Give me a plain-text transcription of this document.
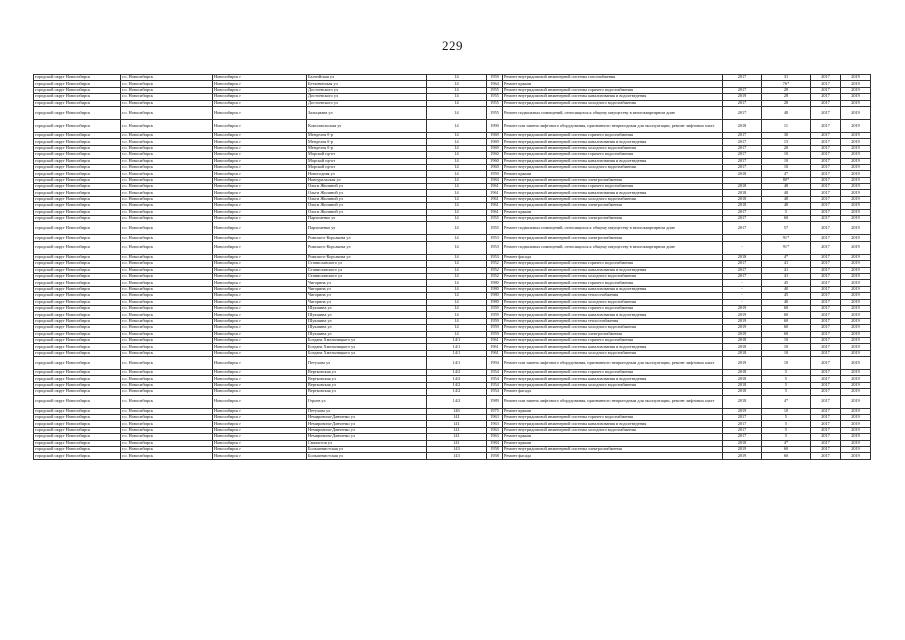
229
городской округ Новосибирск	г.о. Новосибирск	Новосибирск г	Балтийская ул	14	1959	Ремонт внутридомовой инженерной системы газоснабжения	2017	31	2017	2019
городской округ Новосибирск	г.о. Новосибирск	Новосибирск г	Бетховенская ул	14	1964	Ремонт крыши		76*	2017	2019
городской округ Новосибирск	г.о. Новосибирск	Новосибирск г	Достоевского ул	14	1955	Ремонт внутридомовой инженерной системы горячего водоснабжения	2017	28	2017	2019
городской округ Новосибирск	г.о. Новосибирск	Новосибирск г	Достоевского ул	14	1955	Ремонт внутридомовой инженерной системы канализования и водоотведения	2019	28	2017	2019
городской округ Новосибирск	г.о. Новосибирск	Новосибирск г	Достоевского ул	14	1955	Ремонт внутридомовой инженерной системы холодного водоснабжения	2017	28	2017	2019
городской округ Новосибирск	г.о. Новосибирск	Новосибирск г	Зальцмана ул	14	1955	Ремонт подвальных помещений, относящихся к общему имуществу в многоквартирном доме	2017	48	2017	2019
городской округ Новосибирск	г.о. Новосибирск	Новосибирск г	Комсомольская ул	14	1990	Ремонт или замена лифтового оборудования, признанного непригодным для эксплуатации, ремонт лифтовых шахт	2018	11	2017	2019
городской округ Новосибирск	г.о. Новосибирск	Новосибирск г	Менделея б-р	14	1969	Ремонт внутридомовой инженерной системы горячего водоснабжения	2017	30	2017	2019
городской округ Новосибирск	г.о. Новосибирск	Новосибирск г	Менделея б-р	14	1969	Ремонт внутридомовой инженерной системы канализования и водоотведения	2017	15	2017	2019
городской округ Новосибирск	г.о. Новосибирск	Новосибирск г	Менделея б-р	14	1969	Ремонт внутридомовой инженерной системы холодного водоснабжения	2017	20	2017	2019
городской округ Новосибирск	г.о. Новосибирск	Новосибирск г	Морской пр-кт	14	1960	Ремонт внутридомовой инженерной системы горячего водоснабжения	2017	10	2017	2019
городской округ Новосибирск	г.о. Новосибирск	Новосибирск г	Морской пр-кт	14	1960	Ремонт внутридомовой инженерной системы канализования и водоотведения	2017	10	2017	2019
городской округ Новосибирск	г.о. Новосибирск	Новосибирск г	Морской пр-кт	14	1960	Ремонт внутридомовой инженерной системы холодного водоснабжения	2017	10	2017	2019
городской округ Новосибирск	г.о. Новосибирск	Новосибирск г	Новогодняя ул	14	1959	Ремонт крыши	2018	4*	2017	2019
городской округ Новосибирск	г.о. Новосибирск	Новосибирск г	Новоуральская ул	14	1984	Ремонт внутридомовой инженерной системы электроснабжения		80*	2017	2019
городской округ Новосибирск	г.о. Новосибирск	Новосибирск г	Ольги Жилиной ул	14	1961	Ремонт внутридомовой инженерной системы горячего водоснабжения	2018	48	2017	2019
городской округ Новосибирск	г.о. Новосибирск	Новосибирск г	Ольги Жилиной ул	14	1961	Ремонт внутридомовой инженерной системы канализования и водоотведения	2018	48	2017	2019
городской округ Новосибирск	г.о. Новосибирск	Новосибирск г	Ольги Жилиной ул	14	1961	Ремонт внутридомовой инженерной системы холодного водоснабжения	2018	48	2017	2019
городской округ Новосибирск	г.о. Новосибирск	Новосибирск г	Ольги Жилиной ул	14	1961	Ремонт внутридомовой инженерной системы электроснабжения	2018	48	2017	2019
городской округ Новосибирск	г.о. Новосибирск	Новосибирск г	Ольги Жилиной ул	14	1961	Ремонт крыши	2017	5	2017	2019
городской округ Новосибирск	г.о. Новосибирск	Новосибирск г	Пархоменко ул	14	1955	Ремонт внутридомовой инженерной системы электроснабжения	2017	60	2017	2019
городской округ Новосибирск	г.о. Новосибирск	Новосибирск г	Пархоменко ул	14	1955	Ремонт подвальных помещений, относящихся к общему имуществу в многоквартирном доме	2017	57	2017	2019
городской округ Новосибирск	г.о. Новосибирск	Новосибирск г	Римского-Корсакова ул	14	1953	Ремонт внутридомовой инженерной системы электроснабжения		91*	2017	2019
городской округ Новосибирск	г.о. Новосибирск	Новосибирск г	Римского-Корсакова ул	14	1953	Ремонт подвальных помещений, относящихся к общему имуществу в многоквартирном доме	-	91*	2017	2019
городской округ Новосибирск	г.о. Новосибирск	Новосибирск г	Римского-Корсакова ул	14	1953	Ремонт фасада	2018	4*	2017	2019
городской округ Новосибирск	г.о. Новосибирск	Новосибирск г	Станиславского ул	14	1952	Ремонт внутридомовой инженерной системы горячего водоснабжения	2017	41	2017	2019
городской округ Новосибирск	г.о. Новосибирск	Новосибирск г	Станиславского ул	14	1952	Ремонт внутридомовой инженерной системы канализования и водоотведения	2017	41	2017	2019
городской округ Новосибирск	г.о. Новосибирск	Новосибирск г	Станиславского ул	14	1952	Ремонт внутридомовой инженерной системы холодного водоснабжения	2017	41	2017	2019
городской округ Новосибирск	г.о. Новосибирск	Новосибирск г	Чигорина ул	14	1980	Ремонт внутридомовой инженерной системы горячего водоснабжения	-	45	2017	2019
городской округ Новосибирск	г.о. Новосибирск	Новосибирск г	Чигорина ул	14	1980	Ремонт внутридомовой инженерной системы канализования и водоотведения	-	40	2017	2019
городской округ Новосибирск	г.о. Новосибирск	Новосибирск г	Чигорина ул	14	1980	Ремонт внутридомовой инженерной системы теплоснабжения	-	45	2017	2019
городской округ Новосибирск	г.о. Новосибирск	Новосибирск г	Чигорина ул	14	1980	Ремонт внутридомовой инженерной системы холодного водоснабжения	-	40	2017	2019
городской округ Новосибирск	г.о. Новосибирск	Новосибирск г	Шукшина ул	14	1959	Ремонт внутридомовой инженерной системы горячего водоснабжения	2019	60	2017	2019
городской округ Новосибирск	г.о. Новосибирск	Новосибирск г	Шукшина ул	14	1959	Ремонт внутридомовой инженерной системы канализования и водоотведения	2019	60	2017	2019
городской округ Новосибирск	г.о. Новосибирск	Новосибирск г	Шукшина ул	14	1959	Ремонт внутридомовой инженерной системы теплоснабжения	2019	60	2017	2019
городской округ Новосибирск	г.о. Новосибирск	Новосибирск г	Шукшина ул	14	1959	Ремонт внутридомовой инженерной системы холодного водоснабжения	2019	60	2017	2019
городской округ Новосибирск	г.о. Новосибирск	Новосибирск г	Шукшина ул	14	1959	Ремонт внутридомовой инженерной системы электроснабжения	2019	60	2017	2019
городской округ Новосибирск	г.о. Новосибирск	Новосибирск г	Богдана Хмельницкого ул	14/1	1961	Ремонт внутридомовой инженерной системы горячего водоснабжения	2018	10	2017	2019
городской округ Новосибирск	г.о. Новосибирск	Новосибирск г	Богдана Хмельницкого ул	14/1	1961	Ремонт внутридомовой инженерной системы канализования и водоотведения	2018	10	2017	2019
городской округ Новосибирск	г.о. Новосибирск	Новосибирск г	Богдана Хмельницкого ул	14/1	1961	Ремонт внутридомовой инженерной системы холодного водоснабжения	2018	10	2017	2019
городской округ Новосибирск	г.о. Новосибирск	Новосибирск г	Петухова ул	14/1	1994	Ремонт или замена лифтового оборудования, признанного непригодным для эксплуатации, ремонт лифтовых шахт	2019	10	2017	2019
городской округ Новосибирск	г.о. Новосибирск	Новосибирск г	Вертковская ул	14/2	1954	Ремонт внутридомовой инженерной системы горячего водоснабжения	2018	5	2017	2019
городской округ Новосибирск	г.о. Новосибирск	Новосибирск г	Вертковская ул	14/2	1954	Ремонт внутридомовой инженерной системы канализования и водоотведения	2018	5	2017	2019
городской округ Новосибирск	г.о. Новосибирск	Новосибирск г	Вертковская ул	14/2	1954	Ремонт внутридомовой инженерной системы холодного водоснабжения	2018	5	2017	2019
городской округ Новосибирск	г.о. Новосибирск	Новосибирск г	Вертковская ул	14/2	1954	Ремонт фасада	2018	5	2017	2019
городской округ Новосибирск	г.о. Новосибирск	Новосибирск г	Героев ул	14/2	1989	Ремонт или замена лифтового оборудования, признанного непригодным для эксплуатации, ремонт лифтовых шахт	2018	4*	2017	2019
городской округ Новосибирск	г.о. Новосибирск	Новосибирск г	Петухова ул	14б	1975	Ремонт крыши	2019	10	2017	2019
городской округ Новосибирск	г.о. Новосибирск	Новосибирск г	Немировича-Данченко ул	141	1963	Ремонт внутридомовой инженерной системы горячего водоснабжения	2017	5	2017	2019
городской округ Новосибирск	г.о. Новосибирск	Новосибирск г	Немировича-Данченко ул	141	1963	Ремонт внутридомовой инженерной системы канализования и водоотведения	2017	5	2017	2019
городской округ Новосибирск	г.о. Новосибирск	Новосибирск г	Немировича-Данченко ул	141	1963	Ремонт внутридомовой инженерной системы холодного водоснабжения	2017	5	2017	2019
городской округ Новосибирск	г.о. Новосибирск	Новосибирск г	Немировича-Данченко ул	141	1963	Ремонт крыши	2017	5	2017	2019
городской округ Новосибирск	г.о. Новосибирск	Новосибирск г	Связистов ул	141	1984	Ремонт крыши	2018	4*	2017	2019
городской округ Новосибирск	г.о. Новосибирск	Новосибирск г	Большевистская ул	143	1958	Ремонт внутридомовой инженерной системы электроснабжения	2019	60	2017	2019
городской округ Новосибирск	г.о. Новосибирск	Новосибирск г	Большевистская ул	143	1958	Ремонт фасада	2019	60	2017	2019
